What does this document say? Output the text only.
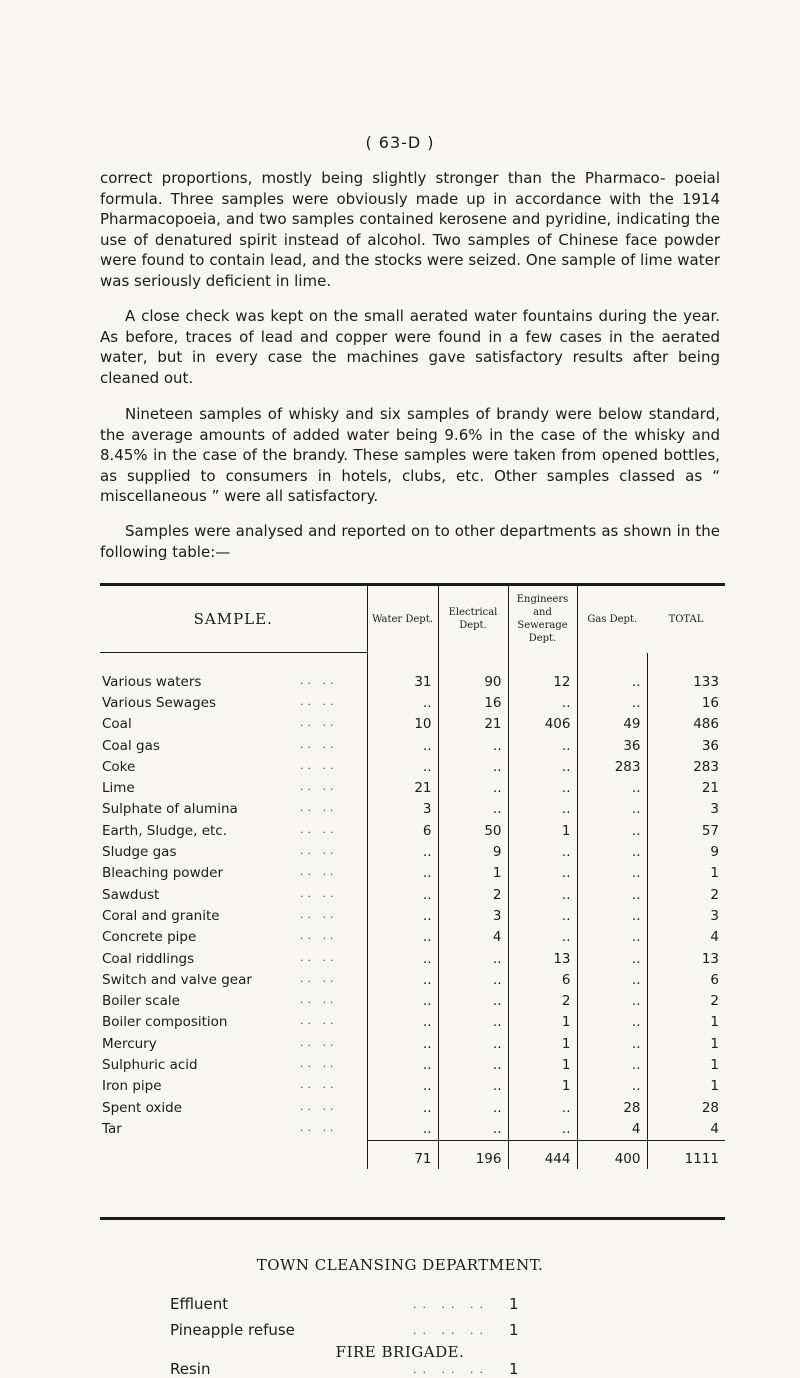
( 63-D )

correct proportions, mostly being slightly stronger than the Pharmaco- poeial formula. Three samples were obviously made up in accordance with the 1914 Pharmacopoeia, and two samples contained kerosene and pyridine, indicating the use of denatured spirit instead of alcohol. Two samples of Chinese face powder were found to contain lead, and the stocks were seized. One sample of lime water was seriously deficient in lime.

A close check was kept on the small aerated water fountains during the year. As before, traces of lead and copper were found in a few cases in the aerated water, but in every case the machines gave satisfactory results after being cleaned out.

Nineteen samples of whisky and six samples of brandy were below standard, the average amounts of added water being 9.6% in the case of the whisky and 8.45% in the case of the brandy. These samples were taken from opened bottles, as supplied to consumers in hotels, clubs, etc. Other samples classed as “ miscellaneous ” were all satisfactory.

Samples were analysed and reported on to other departments as shown in the following table:—

SAMPLE.	Water Dept.	Electrical Dept.	Engineers and Sewerage Dept.	Gas Dept.	TOTAL

Various waters .. ..	31	90	12	..	133
Various Sewages .. ..	..	16	..	..	16
Coal .. ..	10	21	406	49	486
Coal gas .. ..	..	..	..	36	36
Coke .. ..	..	..	..	283	283
Lime .. ..	21	..	..	..	21
Sulphate of alumina .. ..	3	..	..	..	3
Earth, Sludge, etc. .. ..	6	50	1	..	57
Sludge gas .. ..	..	9	..	..	9
Bleaching powder .. ..	..	1	..	..	1
Sawdust .. ..	..	2	..	..	2
Coral and granite .. ..	..	3	..	..	3
Concrete pipe .. ..	..	4	..	..	4
Coal riddlings .. ..	..	..	13	..	13
Switch and valve gear .. ..	..	..	6	..	6
Boiler scale .. ..	..	..	2	..	2
Boiler composition .. ..	..	..	1	..	1
Mercury .. ..	..	..	1	..	1
Sulphuric acid .. ..	..	..	1	..	1
Iron pipe .. ..	..	..	1	..	1
Spent oxide .. ..	..	..	..	28	28
Tar .. ..	..	..	..	4	4
	71	196	444	400	1111
TOWN CLEANSING DEPARTMENT.
Effluent	.. .. .. 1
Pineapple refuse	.. .. .. 1
FIRE BRIGADE.
Resin	.. .. .. 1
